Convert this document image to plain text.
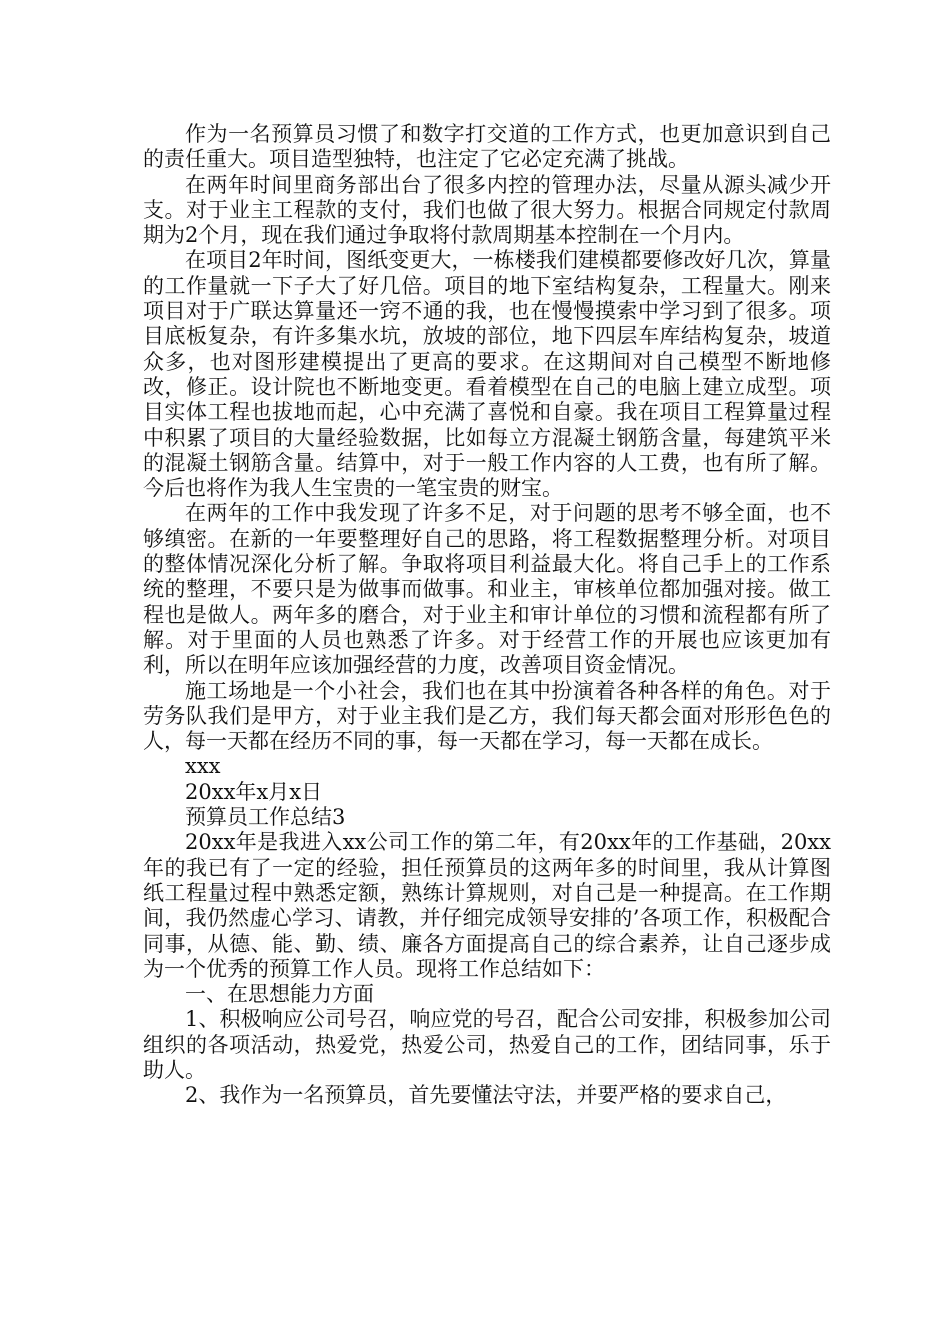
作为一名预算员习惯了和数字打交道的工作方式，也更加意识到自己的责任重大。项目造型独特，也注定了它必定充满了挑战。

在两年时间里商务部出台了很多内控的管理办法，尽量从源头减少开支。对于业主工程款的支付，我们也做了很大努力。根据合同规定付款周期为2个月，现在我们通过争取将付款周期基本控制在一个月内。

在项目2年时间，图纸变更大，一栋楼我们建模都要修改好几次，算量的工作量就一下子大了好几倍。项目的地下室结构复杂，工程量大。刚来项目对于广联达算量还一窍不通的我，也在慢慢摸索中学习到了很多。项目底板复杂，有许多集水坑，放坡的部位，地下四层车库结构复杂，坡道众多，也对图形建模提出了更高的要求。在这期间对自己模型不断地修改，修正。设计院也不断地变更。看着模型在自己的电脑上建立成型。项目实体工程也拔地而起，心中充满了喜悦和自豪。我在项目工程算量过程中积累了项目的大量经验数据，比如每立方混凝土钢筋含量，每建筑平米的混凝土钢筋含量。结算中，对于一般工作内容的人工费，也有所了解。今后也将作为我人生宝贵的一笔宝贵的财宝。

在两年的工作中我发现了许多不足，对于问题的思考不够全面，也不够缜密。在新的一年要整理好自己的思路，将工程数据整理分析。对项目的整体情况深化分析了解。争取将项目利益最大化。将自己手上的工作系统的整理，不要只是为做事而做事。和业主，审核单位都加强对接。做工程也是做人。两年多的磨合，对于业主和审计单位的习惯和流程都有所了解。对于里面的人员也熟悉了许多。对于经营工作的开展也应该更加有利，所以在明年应该加强经营的力度，改善项目资金情况。

施工场地是一个小社会，我们也在其中扮演着各种各样的角色。对于劳务队我们是甲方，对于业主我们是乙方，我们每天都会面对形形色色的人，每一天都在经历不同的事，每一天都在学习，每一天都在成长。

xxx

20xx年x月x日

预算员工作总结3

20xx年是我进入xx公司工作的第二年，有20xx年的工作基础，20xx年的我已有了一定的经验，担任预算员的这两年多的时间里，我从计算图纸工程量过程中熟悉定额，熟练计算规则，对自己是一种提高。在工作期间，我仍然虚心学习、请教，并仔细完成领导安排的’各项工作，积极配合同事，从德、能、勤、绩、廉各方面提高自己的综合素养，让自己逐步成为一个优秀的预算工作人员。现将工作总结如下：

一、在思想能力方面

1、积极响应公司号召，响应党的号召，配合公司安排，积极参加公司组织的各项活动，热爱党，热爱公司，热爱自己的工作，团结同事，乐于助人。

2、我作为一名预算员，首先要懂法守法，并要严格的要求自己，
